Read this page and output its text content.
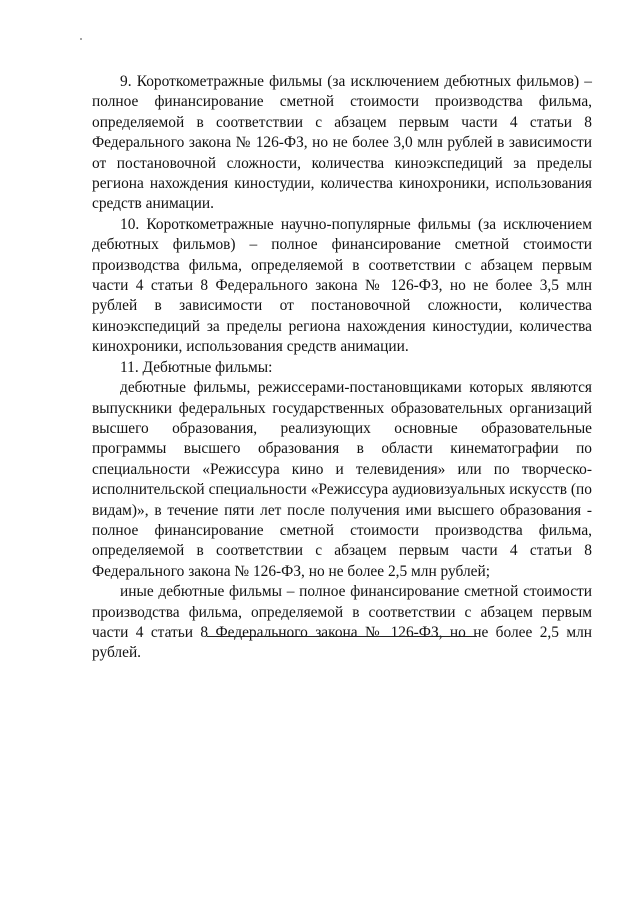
9. Короткометражные фильмы (за исключением дебютных фильмов) – полное финансирование сметной стоимости производства фильма, определяемой в соответствии с абзацем первым части 4 статьи 8 Федерального закона № 126-ФЗ, но не более 3,0 млн рублей в зависимости от постановочной сложности, количества киноэкспедиций за пределы региона нахождения киностудии, количества кинохроники, использования средств анимации.

10. Короткометражные научно-популярные фильмы (за исключением дебютных фильмов) – полное финансирование сметной стоимости производства фильма, определяемой в соответствии с абзацем первым части 4 статьи 8 Федерального закона № 126-ФЗ, но не более 3,5 млн рублей в зависимости от постановочной сложности, количества киноэкспедиций за пределы региона нахождения киностудии, количества кинохроники, использования средств анимации.

11. Дебютные фильмы:

дебютные фильмы, режиссерами-постановщиками которых являются выпускники федеральных государственных образовательных организаций высшего образования, реализующих основные образовательные программы высшего образования в области кинематографии по специальности «Режиссура кино и телевидения» или по творческо-исполнительской специальности «Режиссура аудиовизуальных искусств (по видам)», в течение пяти лет после получения ими высшего образования - полное финансирование сметной стоимости производства фильма, определяемой в соответствии с абзацем первым части 4 статьи 8 Федерального закона № 126-ФЗ, но не более 2,5 млн рублей;

иные дебютные фильмы – полное финансирование сметной стоимости производства фильма, определяемой в соответствии с абзацем первым части 4 статьи 8 Федерального закона № 126-ФЗ, но не более 2,5 млн рублей.
